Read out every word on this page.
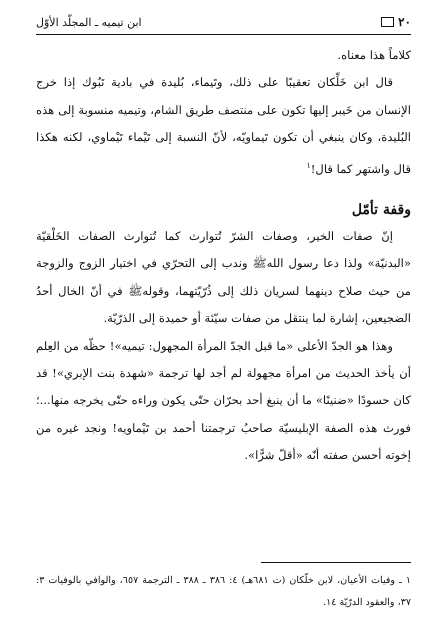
٢٠
ابن تيميه ـ المجلّد الأوّل

كلاماً هذا معناه.

قال ابن خَلِّكان تعقيبًا على ذلك، وتَيماء، بُليدة في بادية تَبُوك إذا خرج الإنسان من خَيبر إليها تكون على منتصف طريق الشام، وتيميه منسوبة إلى هذه البُليدة، وكان ينبغي أن تكون تَيماويّه، لأنّ النسبة إلى تَيْماء تَيْماوي، لكنه هكذا قال واشتهر كما قال!$^١$

وقفة تأمّل

إنّ صفات الخير، وصفات الشرّ تُتوارث كما تُتوارث الصفات الخَلْقيّة «البدنيّة» ولذا دعا رسول اللهﷺ وندب إلى التحرّي في اختيار الزوج والزوجة من حيث صلاح دينهما لسريان ذلك إلى ذُرّيّتهما، وقولهﷺ في أنّ الخال أحدُ الضجيعين، إشارة لما ينتقل من صفات سيّئة أو حميدة إلى الذرّيّة.

وهذا هو الجدّ الأعلى «ما قبل الجدّ المرأة المجهول: تيميه»! حظّه من العِلم أن يأخذ الحديث من امرأة مجهولة لم أجد لها ترجمة «شهدة بنت الإبري»! قد كان حسودًا «ضنينًا» ما أن ينبغ أحد بحرّان حتّى يكون وراءه حتّى يخرجه منها...؛ فورث هذه الصفة الإبليسيّة صاحبُ ترجمتنا أحمد بن تَيْماويه! ونجد غيره من إخوته أحسن صفته أنّه «أقلّ شرًّا».

١ ـ وفيات الأعيان، لابن خلّكان (ت ٦٨١هـ) ٤: ٣٨٦ ـ ٣٨٨ ـ الترجمة ٦٥٧، والوافي بالوفيات ٣: ٣٧، والعقود الدرّيّة ١٤.
